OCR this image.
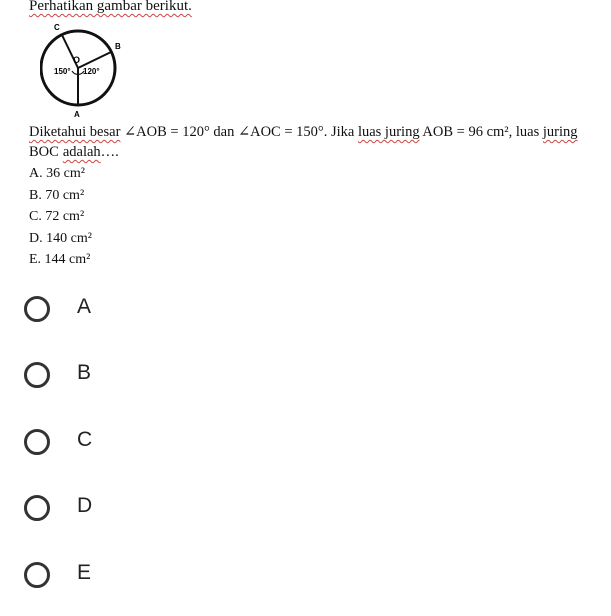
Perhatikan gambar berikut.
C
B
O
A
150° 120°

Diketahui besar ∠AOB = 120° dan ∠AOC = 150°. Jika luas juring AOB = 96 cm², luas juring BOC adalah….

A. 36 cm²
B. 70 cm²
C. 72 cm²
D. 140 cm²
E. 144 cm²
A
B
C
D
E
